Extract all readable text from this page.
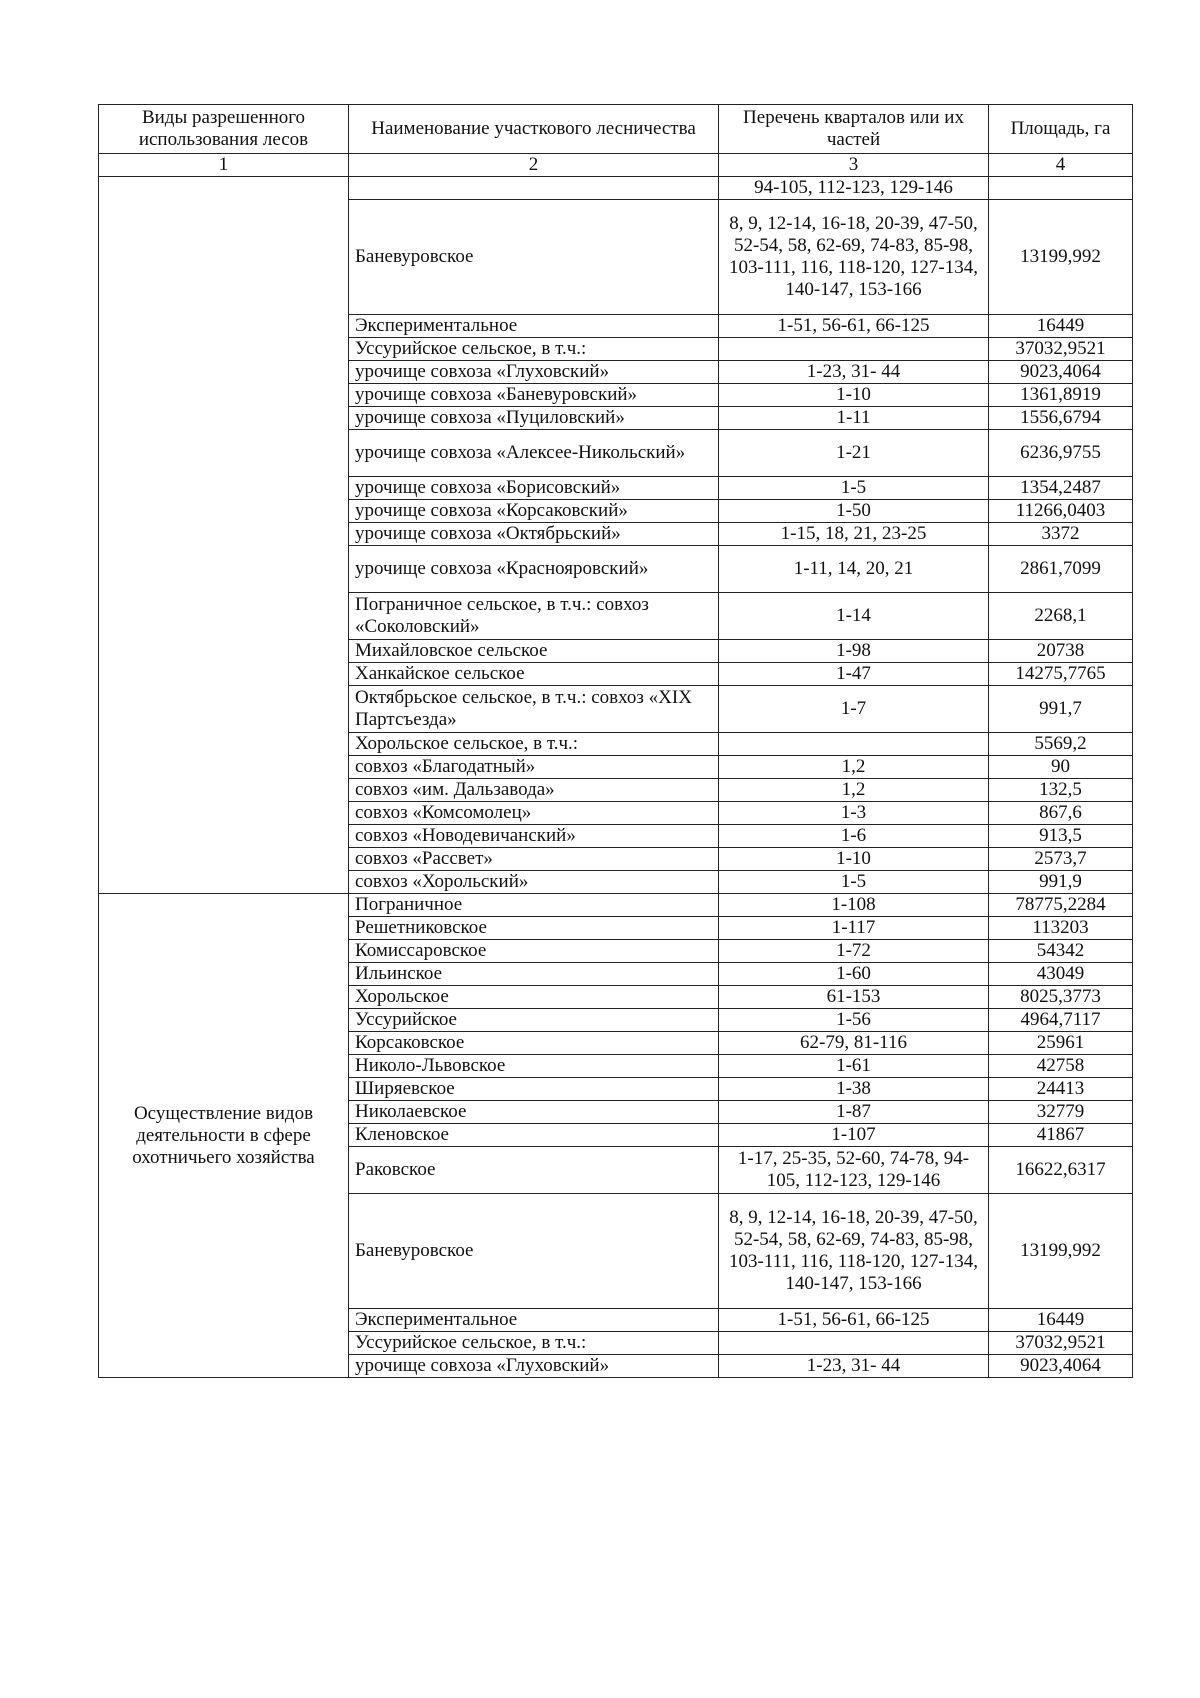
Виды разрешенного использования лесов	Наименование участкового лесничества	Перечень кварталов или их частей	Площадь, га
1	2	3	4
		94-105, 112-123, 129-146	
	Баневуровское	8, 9, 12-14, 16-18, 20-39, 47-50, 52-54, 58, 62-69, 74-83, 85-98, 103-111, 116, 118-120, 127-134, 140-147, 153-166	13199,992
	Экспериментальное	1-51, 56-61, 66-125	16449
	Уссурийское сельское, в т.ч.:		37032,9521
	урочище совхоза «Глуховский»	1-23, 31- 44	9023,4064
	урочище совхоза «Баневуровский»	1-10	1361,8919
	урочище совхоза «Пуциловский»	1-11	1556,6794
	урочище совхоза «Алексее-Никольский»	1-21	6236,9755
	урочище совхоза «Борисовский»	1-5	1354,2487
	урочище совхоза «Корсаковский»	1-50	11266,0403
	урочище совхоза «Октябрьский»	1-15, 18, 21, 23-25	3372
	урочище совхоза «Краснояровский»	1-11, 14, 20, 21	2861,7099
	Пограничное сельское, в т.ч.: совхоз «Соколовский»	1-14	2268,1
	Михайловское сельское	1-98	20738
	Ханкайское сельское	1-47	14275,7765
	Октябрьское сельское, в т.ч.: совхоз «XIX Партсъезда»	1-7	991,7
	Хорольское сельское, в т.ч.:		5569,2
	совхоз «Благодатный»	1,2	90
	совхоз «им. Дальзавода»	1,2	132,5
	совхоз «Комсомолец»	1-3	867,6
	совхоз «Новодевичанский»	1-6	913,5
	совхоз «Рассвет»	1-10	2573,7
	совхоз «Хорольский»	1-5	991,9
Осуществление видов деятельности в сфере охотничьего хозяйства	Пограничное	1-108	78775,2284
	Решетниковское	1-117	113203
	Комиссаровское	1-72	54342
	Ильинское	1-60	43049
	Хорольское	61-153	8025,3773
	Уссурийское	1-56	4964,7117
	Корсаковское	62-79, 81-116	25961
	Николо-Львовское	1-61	42758
	Ширяевское	1-38	24413
	Николаевское	1-87	32779
	Кленовское	1-107	41867
	Раковское	1-17, 25-35, 52-60, 74-78, 94-105, 112-123, 129-146	16622,6317
	Баневуровское	8, 9, 12-14, 16-18, 20-39, 47-50, 52-54, 58, 62-69, 74-83, 85-98, 103-111, 116, 118-120, 127-134, 140-147, 153-166	13199,992
	Экспериментальное	1-51, 56-61, 66-125	16449
	Уссурийское сельское, в т.ч.:		37032,9521
	урочище совхоза «Глуховский»	1-23, 31- 44	9023,4064
